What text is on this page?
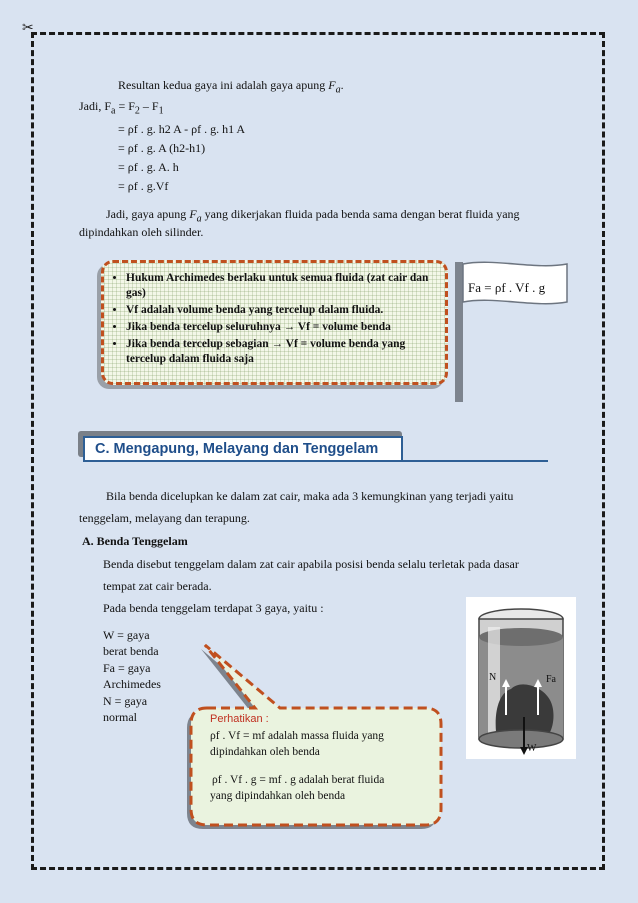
✂
Resultan kedua gaya ini adalah gaya apung $F_a$.
Jadi, $F_a = F_2 - F_1$
= ρf . g. h2 A - ρf . g. h1 A
= ρf . g. A (h2-h1)
= ρf . g. A. h
= ρf . g.Vf
Jadi, gaya apung $F_a$ yang dikerjakan fluida pada benda sama dengan berat fluida yang
dipindahkan oleh silinder.
• Hukum Archimedes berlaku untuk semua fluida (zat cair dan gas)
• Vf adalah volume benda yang tercelup dalam fluida.
• Jika benda tercelup seluruhnya → Vf = volume benda
• Jika benda tercelup sebagian → Vf = volume benda yang tercelup dalam fluida saja
Fa = ρf . Vf . g
C. Mengapung, Melayang dan Tenggelam
Bila benda dicelupkan ke dalam zat cair, maka ada 3 kemungkinan yang terjadi yaitu
tenggelam, melayang dan terapung.
A. Benda Tenggelam
Benda disebut tenggelam dalam zat cair apabila posisi benda selalu terletak pada dasar
tempat zat cair berada.
Pada benda tenggelam terdapat 3 gaya, yaitu :
W = gaya
berat benda
Fa = gaya
Archimedes
N = gaya
normal
N	Fa
W
Perhatikan :
ρf . Vf = mf adalah massa fluida yang
dipindahkan oleh benda
ρf . Vf . g = mf . g adalah berat fluida
yang dipindahkan oleh benda
